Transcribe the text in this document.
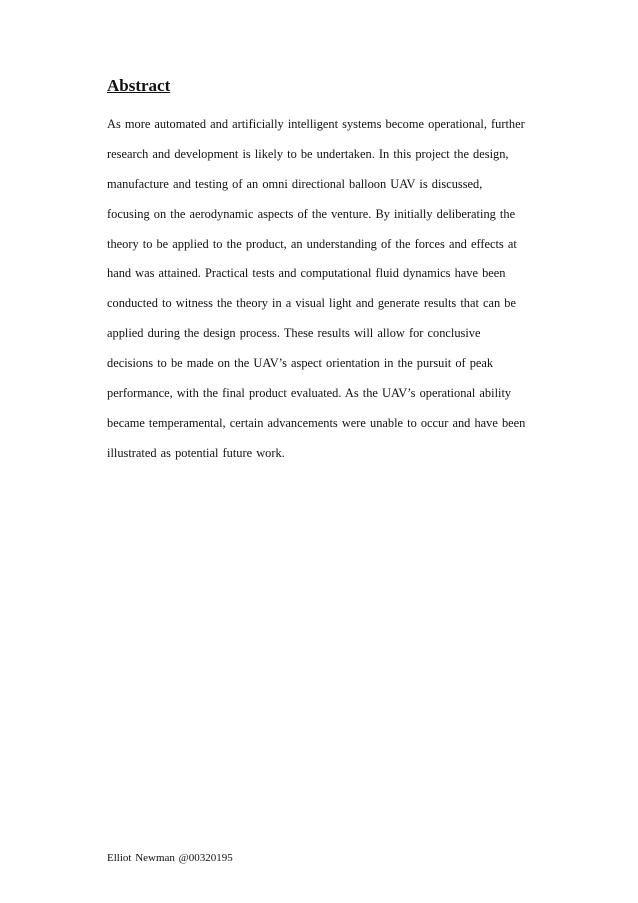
Abstract
As more automated and artificially intelligent systems become operational, further
research and development is likely to be undertaken. In this project the design,
manufacture and testing of an omni directional balloon UAV is discussed,
focusing on the aerodynamic aspects of the venture. By initially deliberating the
theory to be applied to the product, an understanding of the forces and effects at
hand was attained. Practical tests and computational fluid dynamics have been
conducted to witness the theory in a visual light and generate results that can be
applied during the design process. These results will allow for conclusive
decisions to be made on the UAV’s aspect orientation in the pursuit of peak
performance, with the final product evaluated. As the UAV’s operational ability
became temperamental, certain advancements were unable to occur and have been
illustrated as potential future work.

Elliot Newman @00320195
